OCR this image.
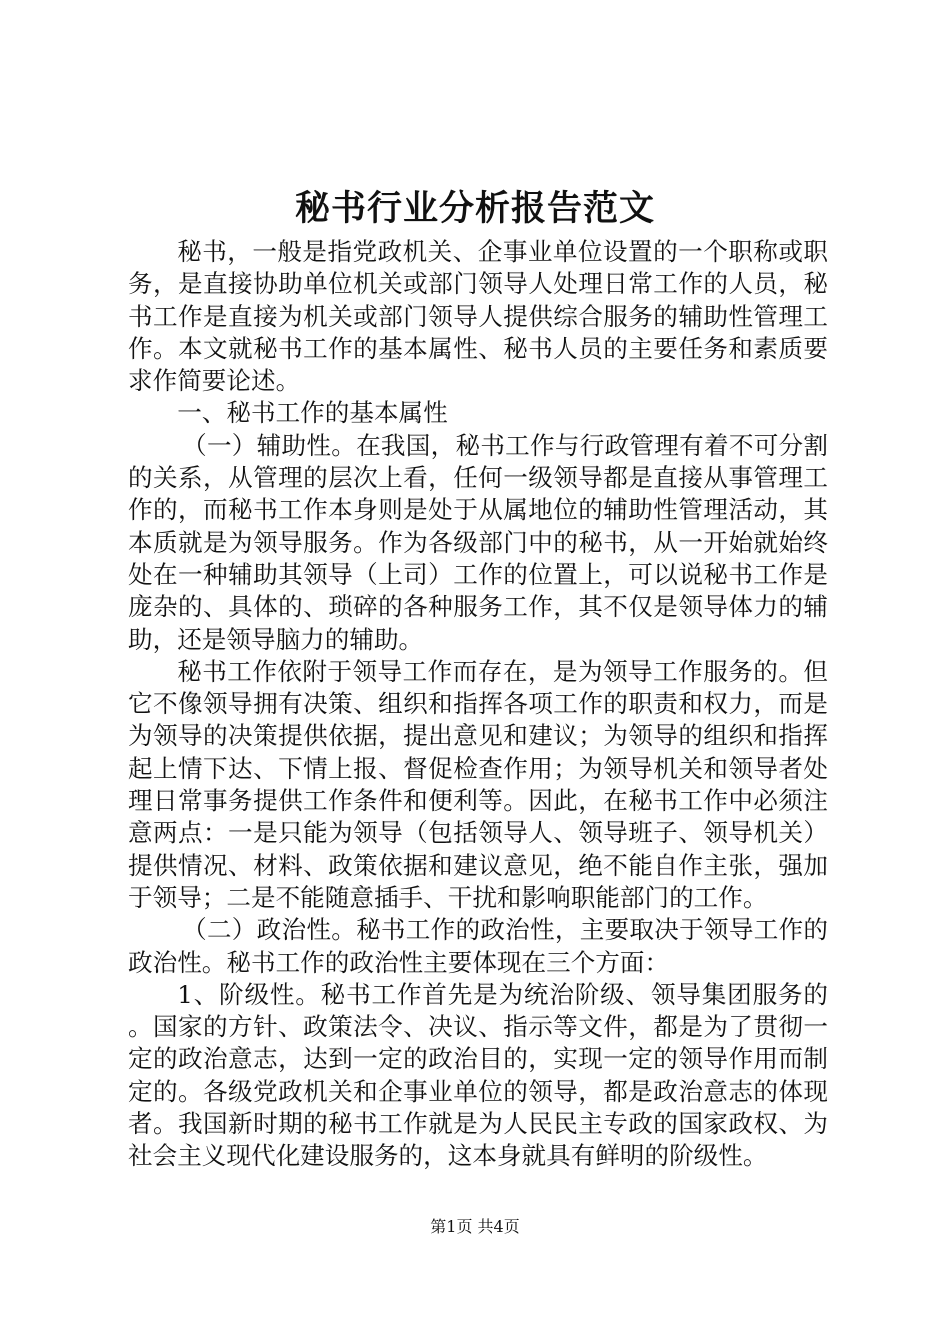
秘书行业分析报告范文

秘书，一般是指党政机关、企事业单位设置的一个职称或职务，是直接协助单位机关或部门领导人处理日常工作的人员，秘书工作是直接为机关或部门领导人提供综合服务的辅助性管理工作。本文就秘书工作的基本属性、秘书人员的主要任务和素质要求作简要论述。

一、秘书工作的基本属性

（一）辅助性。在我国，秘书工作与行政管理有着不可分割的关系，从管理的层次上看，任何一级领导都是直接从事管理工作的，而秘书工作本身则是处于从属地位的辅助性管理活动，其本质就是为领导服务。作为各级部门中的秘书，从一开始就始终处在一种辅助其领导（上司）工作的位置上，可以说秘书工作是庞杂的、具体的、琐碎的各种服务工作，其不仅是领导体力的辅助，还是领导脑力的辅助。

秘书工作依附于领导工作而存在，是为领导工作服务的。但它不像领导拥有决策、组织和指挥各项工作的职责和权力，而是为领导的决策提供依据，提出意见和建议；为领导的组织和指挥起上情下达、下情上报、督促检查作用；为领导机关和领导者处理日常事务提供工作条件和便利等。因此，在秘书工作中必须注意两点：一是只能为领导（包括领导人、领导班子、领导机关）提供情况、材料、政策依据和建议意见，绝不能自作主张，强加于领导；二是不能随意插手、干扰和影响职能部门的工作。

（二）政治性。秘书工作的政治性，主要取决于领导工作的政治性。秘书工作的政治性主要体现在三个方面：

1、阶级性。秘书工作首先是为统治阶级、领导集团服务的。国家的方针、政策法令、决议、指示等文件，都是为了贯彻一定的政治意志，达到一定的政治目的，实现一定的领导作用而制定的。各级党政机关和企事业单位的领导，都是政治意志的体现者。我国新时期的秘书工作就是为人民民主专政的国家政权、为社会主义现代化建设服务的，这本身就具有鲜明的阶级性。

第1页 共4页
